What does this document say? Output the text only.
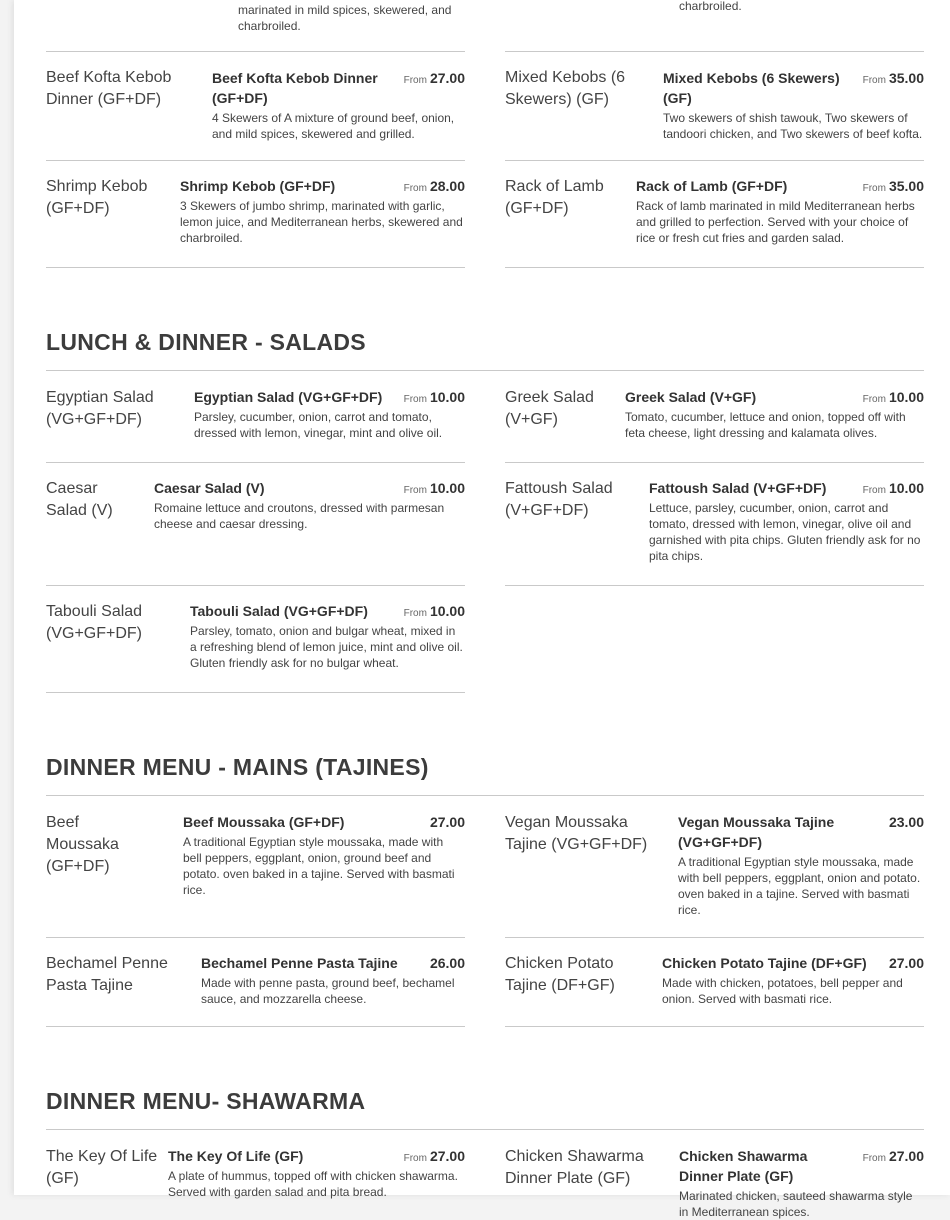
marinated in mild spices, skewered, and charbroiled.
charbroiled.
Beef Kofta Kebob Dinner (GF+DF)
Beef Kofta Kebob Dinner (GF+DF)
4 Skewers of A mixture of ground beef, onion, and mild spices, skewered and grilled.
From 27.00	Mixed Kebobs (6 Skewers) (GF)
Mixed Kebobs (6 Skewers) (GF)
Two skewers of shish tawouk, Two skewers of tandoori chicken, and Two skewers of beef kofta.
From 35.00
Shrimp Kebob (GF+DF)
Shrimp Kebob (GF+DF)
3 Skewers of jumbo shrimp, marinated with garlic, lemon juice, and Mediterranean herbs, skewered and charbroiled.
From 28.00	Rack of Lamb (GF+DF)
Rack of Lamb (GF+DF)
Rack of lamb marinated in mild Mediterranean herbs and grilled to perfection. Served with your choice of rice or fresh cut fries and garden salad.
From 35.00
LUNCH & DINNER - SALADS
Egyptian Salad (VG+GF+DF)
Egyptian Salad (VG+GF+DF)
Parsley, cucumber, onion, carrot and tomato, dressed with lemon, vinegar, mint and olive oil.
From 10.00	Greek Salad (V+GF)
Greek Salad (V+GF)
Tomato, cucumber, lettuce and onion, topped off with feta cheese, light dressing and kalamata olives.
From 10.00
Caesar Salad (V)
Caesar Salad (V)
Romaine lettuce and croutons, dressed with parmesan cheese and caesar dressing.
From 10.00	Fattoush Salad (V+GF+DF)
Fattoush Salad (V+GF+DF)
Lettuce, parsley, cucumber, onion, carrot and tomato, dressed with lemon, vinegar, olive oil and garnished with pita chips. Gluten friendly ask for no pita chips.
From 10.00
Tabouli Salad (VG+GF+DF)
Tabouli Salad (VG+GF+DF)
Parsley, tomato, onion and bulgar wheat, mixed in a refreshing blend of lemon juice, mint and olive oil. Gluten friendly ask for no bulgar wheat.
From 10.00
DINNER MENU - MAINS (TAJINES)
Beef Moussaka (GF+DF)
Beef Moussaka (GF+DF)
A traditional Egyptian style moussaka, made with bell peppers, eggplant, onion, ground beef and potato. oven baked in a tajine. Served with basmati rice.
27.00	Vegan Moussaka Tajine (VG+GF+DF)
Vegan Moussaka Tajine (VG+GF+DF)
A traditional Egyptian style moussaka, made with bell peppers, eggplant, onion and potato. oven baked in a tajine. Served with basmati rice.
23.00
Bechamel Penne Pasta Tajine
Bechamel Penne Pasta Tajine
Made with penne pasta, ground beef, bechamel sauce, and mozzarella cheese.
26.00	Chicken Potato Tajine (DF+GF)
Chicken Potato Tajine (DF+GF)
Made with chicken, potatoes, bell pepper and onion. Served with basmati rice.
27.00
DINNER MENU- SHAWARMA
The Key Of Life (GF)
The Key Of Life (GF)
A plate of hummus, topped off with chicken shawarma. Served with garden salad and pita bread.
From 27.00	Chicken Shawarma Dinner Plate (GF)
Chicken Shawarma Dinner Plate (GF)
Marinated chicken, sauteed shawarma style in Mediterranean spices.
From 27.00
